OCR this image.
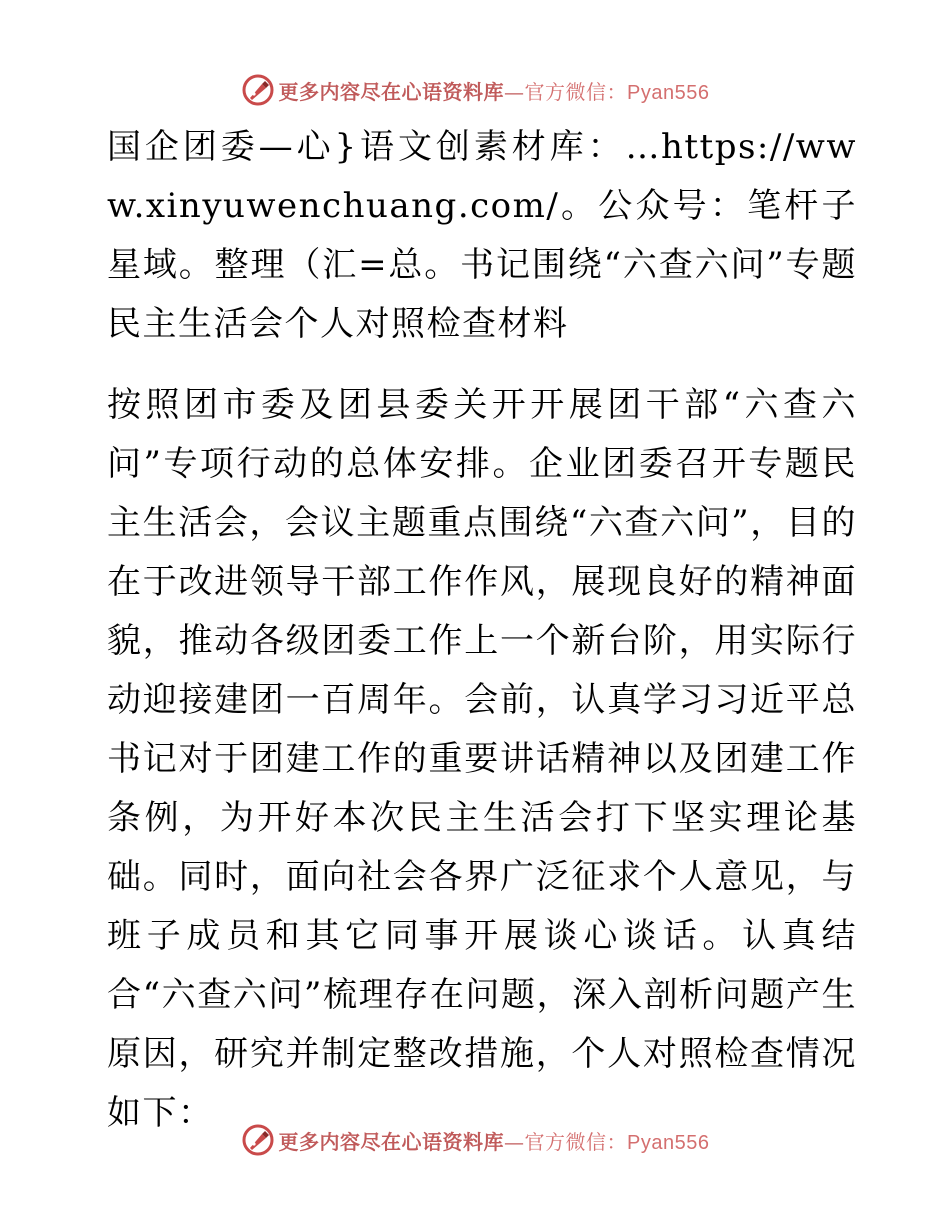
更多内容尽在心语资料库—官方微信：Pyan556

国企团委—心}语文创素材库：…https://www.xinyuwenchuang.com/。公众号：笔杆子星域。整理（汇=总。书记围绕“六查六问”专题民主生活会个人对照检查材料

按照团市委及团县委关开开展团干部“六查六问”专项行动的总体安排。企业团委召开专题民主生活会，会议主题重点围绕“六查六问”，目的在于改进领导干部工作作风，展现良好的精神面貌，推动各级团委工作上一个新台阶，用实际行动迎接建团一百周年。会前，认真学习习近平总书记对于团建工作的重要讲话精神以及团建工作条例，为开好本次民主生活会打下坚实理论基础。同时，面向社会各界广泛征求个人意见，与班子成员和其它同事开展谈心谈话。认真结合“六查六问”梳理存在问题，深入剖析问题产生原因，研究并制定整改措施，个人对照检查情况如下：

更多内容尽在心语资料库—官方微信：Pyan556
